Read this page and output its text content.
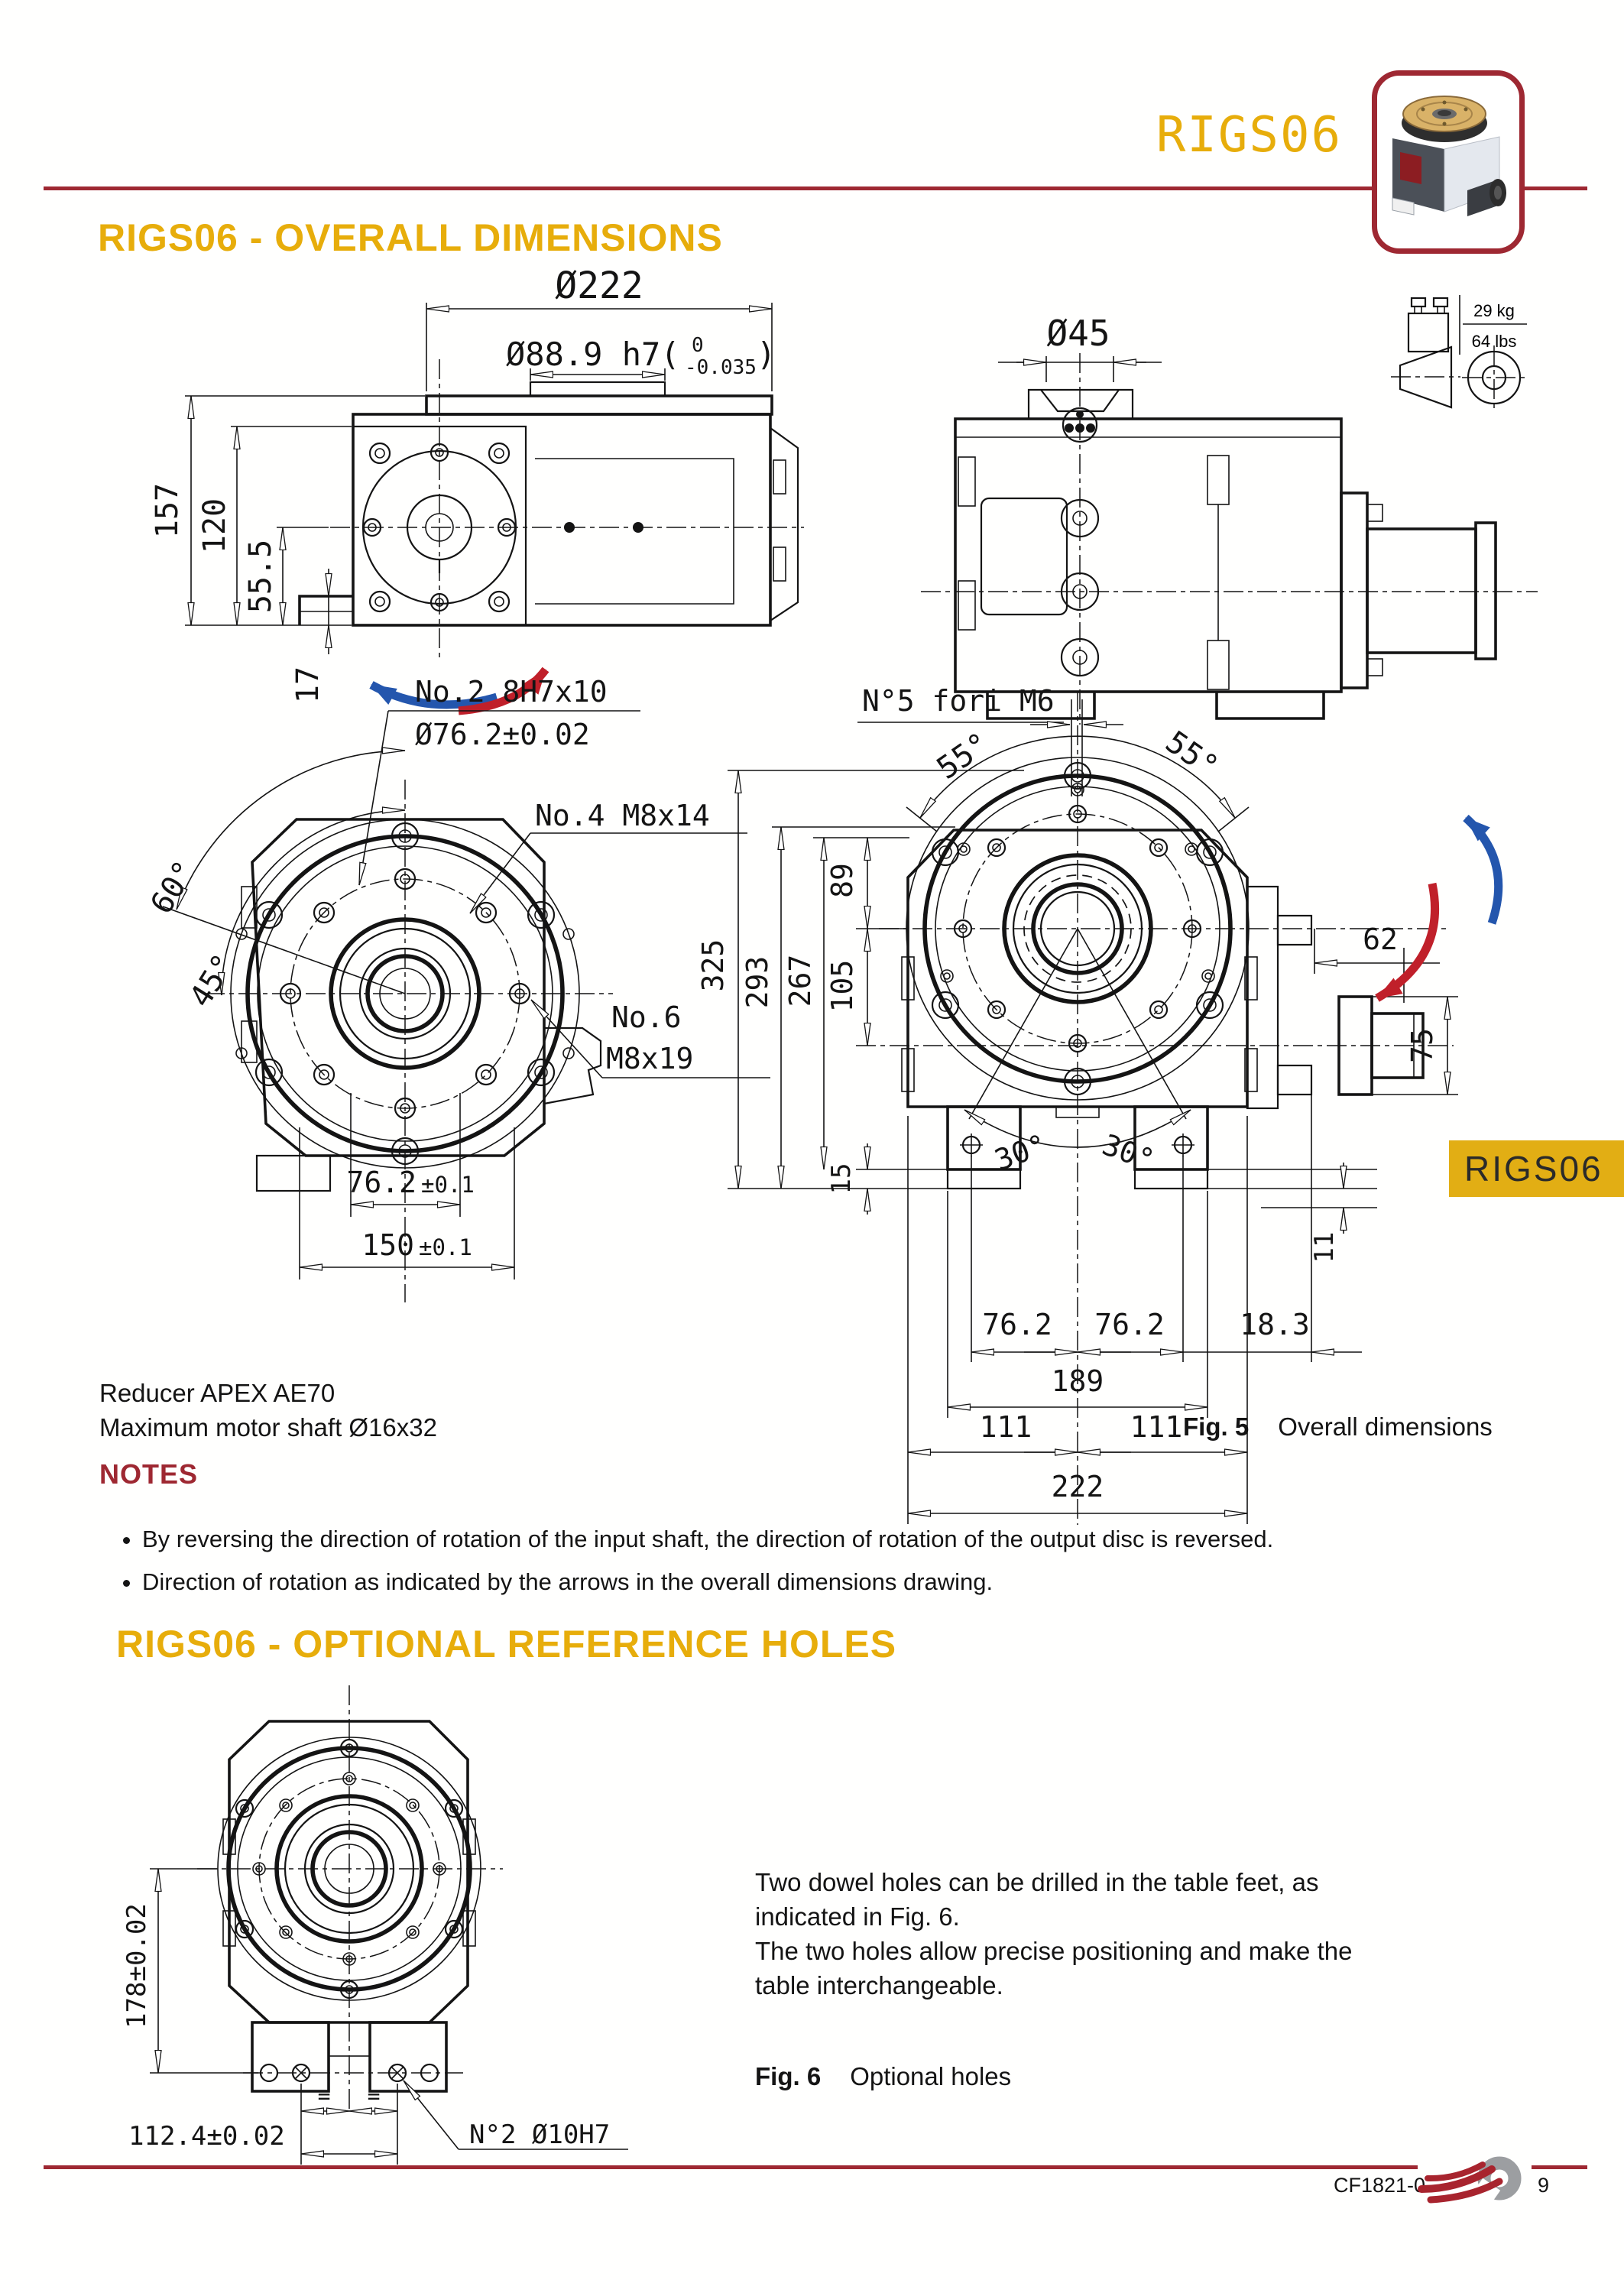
RIGS06
RIGS06 - OVERALL DIMENSIONS
Ø222
Ø88.9 h7( 0
-0.035 )
157 120
55.5
17
Ø45
29 kg
64 lbs
No.2 8H7x10
Ø76.2±0.02
No.4 M8x14
No.6
M8x19
60°
45°
76.2 ±0.1
150 ±0.1
N°5 fori M6
55°	55°
325 293 267
89
105
15
62
75
11
30° 30°
76.2 76.2	18.3
189
111	111
222
178±0.02
112.4±0.02
= =
N°2 Ø10H7
Reducer APEX AE70
Maximum motor shaft Ø16x32	Fig. 5 Overall dimensions
NOTES
• By reversing the direction of rotation of the input shaft, the direction of rotation of the output disc is reversed.
• Direction of rotation as indicated by the arrows in the overall dimensions drawing.
RIGS06 - OPTIONAL REFERENCE HOLES
Two dowel holes can be drilled in the table feet, as
indicated in Fig. 6.
The two holes allow precise positioning and make the
table interchangeable.
Fig. 6 Optional holes
RIGS06
CF1821-0	9
